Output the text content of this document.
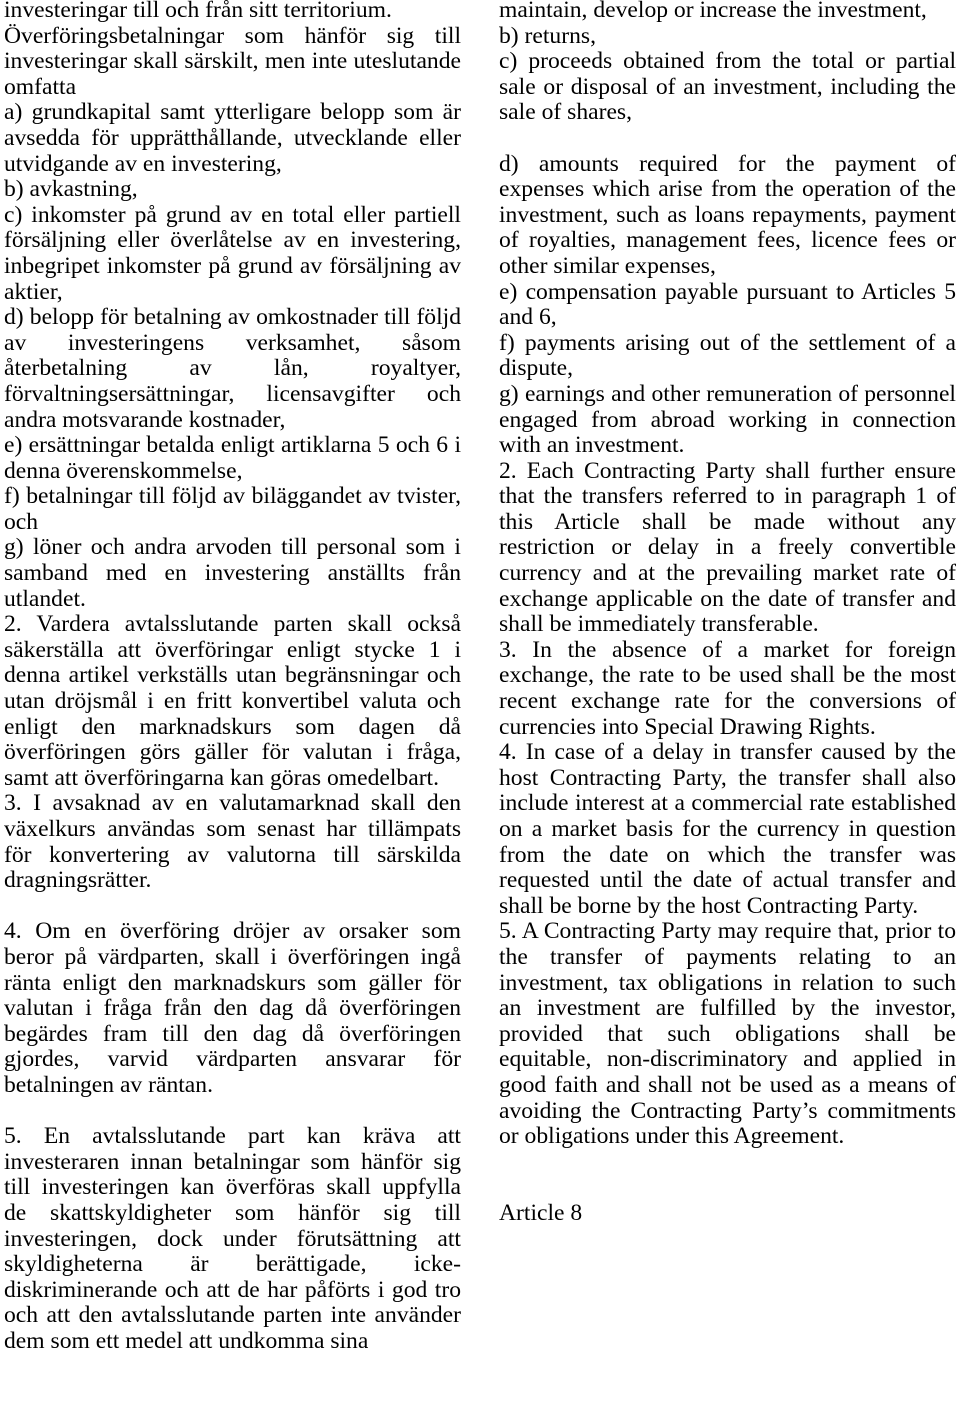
investeringar till och från sitt territorium.

Överföringsbetalningar som hänför sig till investeringar skall särskilt, men inte uteslutande omfatta

a) grundkapital samt ytterligare belopp som är avsedda för upprätthållande, utvecklande eller utvidgande av en investering,

b) avkastning,

c) inkomster på grund av en total eller partiell försäljning eller överlåtelse av en investering, inbegripet inkomster på grund av försäljning av aktier,

d) belopp för betalning av omkostnader till följd av investeringens verksamhet, såsom återbetalning av lån, royaltyer, förvaltningsersättningar, licensavgifter och andra motsvarande kostnader,

e) ersättningar betalda enligt artiklarna 5 och 6 i denna överenskommelse,

f) betalningar till följd av biläggandet av tvister, och

g) löner och andra arvoden till personal som i samband med en investering anställts från utlandet.

2. Vardera avtalsslutande parten skall också säkerställa att överföringar enligt stycke 1 i denna artikel verkställs utan begränsningar och utan dröjsmål i en fritt konvertibel valuta och enligt den marknadskurs som dagen då överföringen görs gäller för valutan i fråga, samt att överföringarna kan göras omedelbart.

3. I avsaknad av en valutamarknad skall den växelkurs användas som senast har tillämpats för konvertering av valutorna till särskilda dragningsrätter.

4. Om en överföring dröjer av orsaker som beror på värdparten, skall i överföringen ingå ränta enligt den marknadskurs som gäller för valutan i fråga från den dag då överföringen begärdes fram till den dag då överföringen gjordes, varvid värdparten ansvarar för betalningen av räntan.

5. En avtalsslutande part kan kräva att investeraren innan betalningar som hänför sig till investeringen kan överföras skall uppfylla de skattskyldigheter som hänför sig till investeringen, dock under förutsättning att skyldigheterna är berättigade, icke-diskriminerande och att de har påförts i god tro och att den avtalsslutande parten inte använder dem som ett medel att undkomma sina

maintain, develop or increase the investment,

b) returns,

c) proceeds obtained from the total or partial sale or disposal of an investment, including the sale of shares,

d) amounts required for the payment of expenses which arise from the operation of the investment, such as loans repayments, payment of royalties, management fees, licence fees or other similar expenses,

e) compensation payable pursuant to Articles 5 and 6,

f) payments arising out of the settlement of a dispute,

g) earnings and other remuneration of personnel engaged from abroad working in connection with an investment.

2. Each Contracting Party shall further ensure that the transfers referred to in paragraph 1 of this Article shall be made without any restriction or delay in a freely convertible currency and at the prevailing market rate of exchange applicable on the date of transfer and shall be immediately transferable.

3. In the absence of a market for foreign exchange, the rate to be used shall be the most recent exchange rate for the conversions of currencies into Special Drawing Rights.

4. In case of a delay in transfer caused by the host Contracting Party, the transfer shall also include interest at a commercial rate established on a market basis for the currency in question from the date on which the transfer was requested until the date of actual transfer and shall be borne by the host Contracting Party.

5. A Contracting Party may require that, prior to the transfer of payments relating to an investment, tax obligations in relation to such an investment are fulfilled by the investor, provided that such obligations shall be equitable, non-discriminatory and applied in good faith and shall not be used as a means of avoiding the Contracting Party’s commitments or obligations under this Agreement.

Article 8
